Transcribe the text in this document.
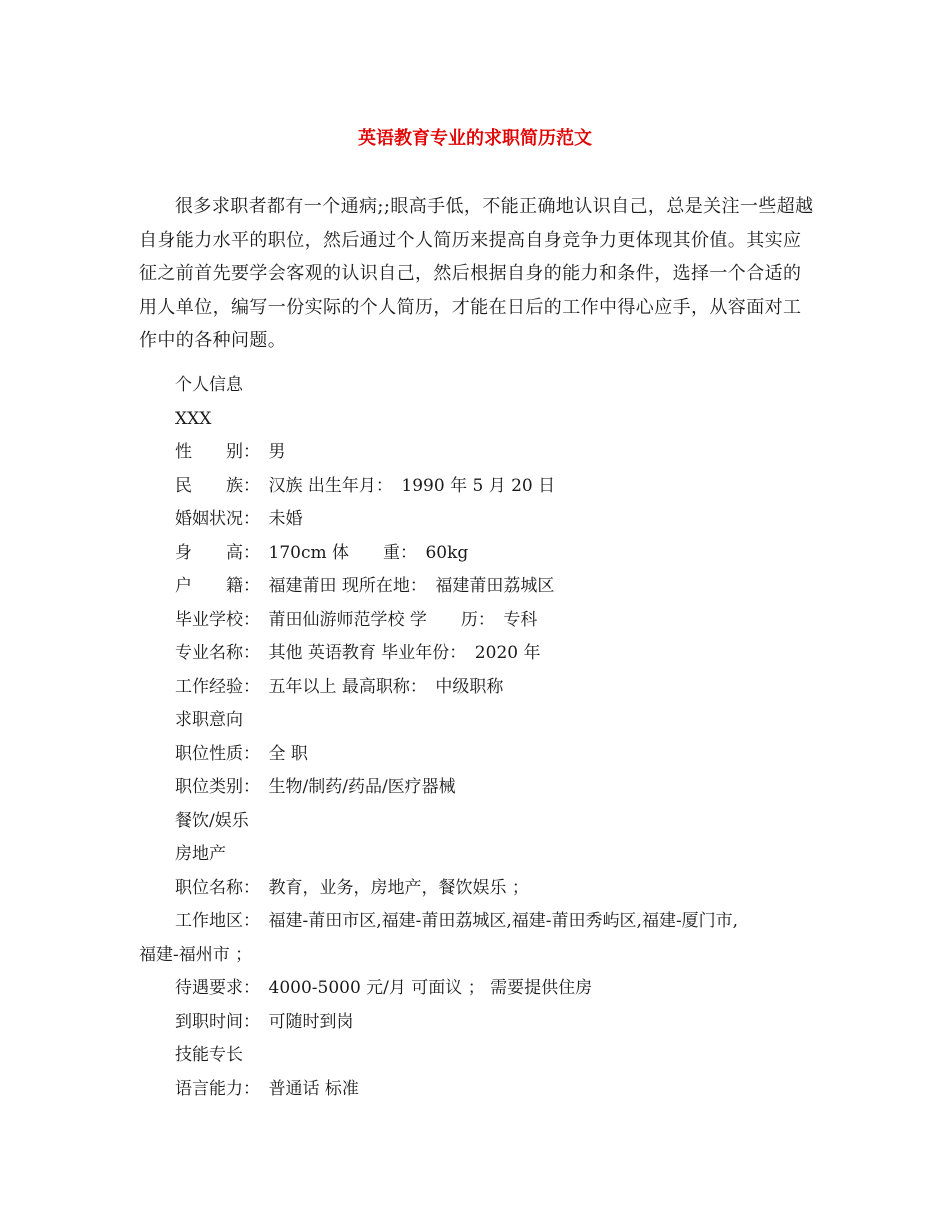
英语教育专业的求职简历范文

很多求职者都有一个通病;;眼高手低，不能正确地认识自己，总是关注一些超越自身能力水平的职位，然后通过个人简历来提高自身竞争力更体现其价值。其实应征之前首先要学会客观的认识自己，然后根据自身的能力和条件，选择一个合适的用人单位，编写一份实际的个人简历，才能在日后的工作中得心应手，从容面对工作中的各种问题。

个人信息
XXX
性　　别：　男
民　　族：　汉族 出生年月：　1990 年 5 月 20 日
婚姻状况：　未婚
身　　高：　170cm 体　　重：　60kg
户　　籍：　福建莆田 现所在地：　福建莆田荔城区
毕业学校：　莆田仙游师范学校 学　　历：　专科
专业名称：　其他 英语教育 毕业年份：　2020 年
工作经验：　五年以上 最高职称：　中级职称
求职意向
职位性质：　全 职
职位类别：　生物/制药/药品/医疗器械
餐饮/娱乐
房地产
职位名称：　教育，业务，房地产，餐饮娱乐 ；
工作地区：　福建-莆田市区,福建-莆田荔城区,福建-莆田秀屿区,福建-厦门市,
福建-福州市 ；
待遇要求：　4000-5000 元/月 可面议 ； 需要提供住房
到职时间：　可随时到岗
技能专长
语言能力：　普通话 标准
